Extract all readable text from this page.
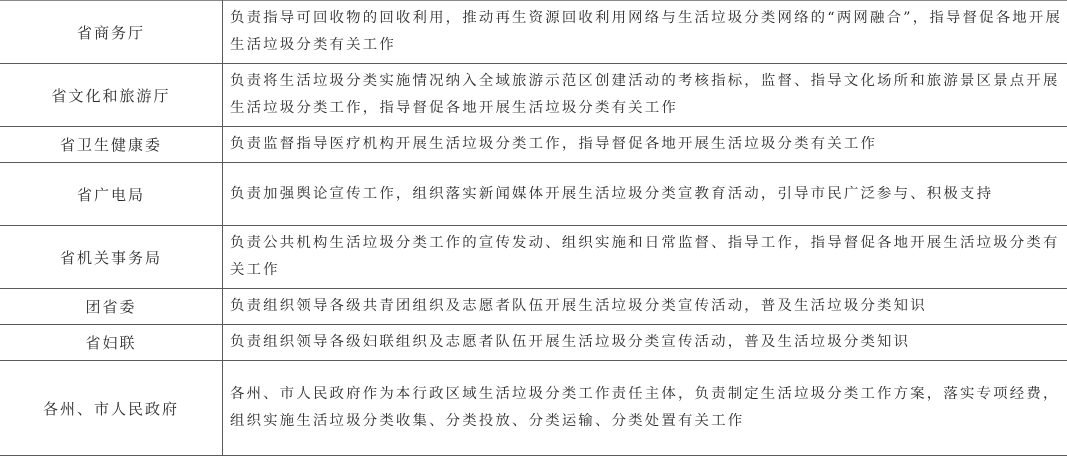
省商务厅	负责指导可回收物的回收利用，推动再生资源回收利用网络与生活垃圾分类网络的“两网融合”，指导督促各地开展生活垃圾分类有关工作
省文化和旅游厅	负责将生活垃圾分类实施情况纳入全域旅游示范区创建活动的考核指标，监督、指导文化场所和旅游景区景点开展生活垃圾分类工作，指导督促各地开展生活垃圾分类有关工作
省卫生健康委	负责监督指导医疗机构开展生活垃圾分类工作，指导督促各地开展生活垃圾分类有关工作
省广电局	负责加强舆论宣传工作，组织落实新闻媒体开展生活垃圾分类宣教育活动，引导市民广泛参与、积极支持
省机关事务局	负责公共机构生活垃圾分类工作的宣传发动、组织实施和日常监督、指导工作，指导督促各地开展生活垃圾分类有关工作
团省委	负责组织领导各级共青团组织及志愿者队伍开展生活垃圾分类宣传活动，普及生活垃圾分类知识
省妇联	负责组织领导各级妇联组织及志愿者队伍开展生活垃圾分类宣传活动，普及生活垃圾分类知识
各州、市人民政府	各州、市人民政府作为本行政区域生活垃圾分类工作责任主体，负责制定生活垃圾分类工作方案，落实专项经费，组织实施生活垃圾分类收集、分类投放、分类运输、分类处置有关工作
